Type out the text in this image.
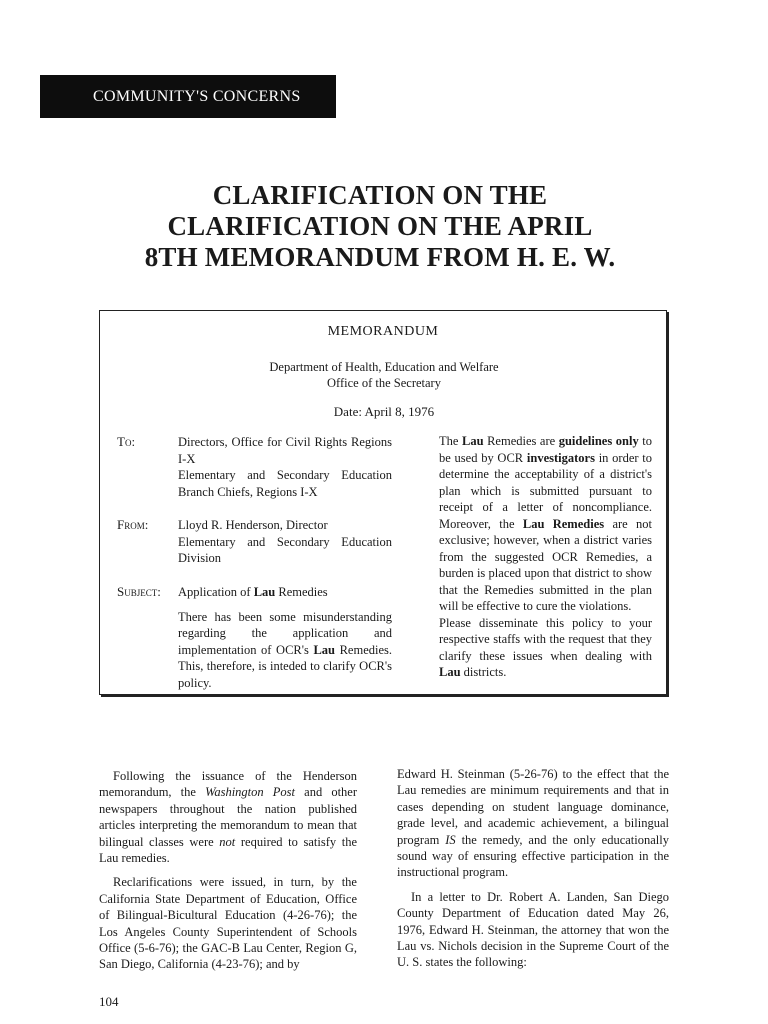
COMMUNITY'S CONCERNS
CLARIFICATION ON THE
CLARIFICATION ON THE APRIL
8TH MEMORANDUM FROM H. E. W.
MEMORANDUM
Department of Health, Education and Welfare
Office of the Secretary
Date: April 8, 1976
To:	Directors, Office for Civil Rights Regions I-X
Elementary and Secondary Education Branch Chiefs, Regions I-X
From: Lloyd R. Henderson, Director
Elementary and Secondary Education Division
Subject: Application of Lau Remedies
There has been some misunderstanding regarding the application and implementation of OCR's Lau Remedies. This, therefore, is inteded to clarify OCR's policy.

The Lau Remedies are guidelines only to be used by OCR investigators in order to determine the acceptability of a district's plan which is submitted pursuant to receipt of a letter of noncompliance. Moreover, the Lau Remedies are not exclusive; however, when a district varies from the suggested OCR Remedies, a burden is placed upon that district to show that the Remedies submitted in the plan will be effective to cure the violations.

Please disseminate this policy to your respective staffs with the request that they clarify these issues when dealing with Lau districts.

Following the issuance of the Henderson memorandum, the Washington Post and other newspapers throughout the nation published articles interpreting the memorandum to mean that bilingual classes were not required to satisfy the Lau remedies.

Reclarifications were issued, in turn, by the California State Department of Education, Office of Bilingual-Bicultural Education (4-26-76); the Los Angeles County Superintendent of Schools Office (5-6-76); the GAC-B Lau Center, Region G, San Diego, California (4-23-76); and by

Edward H. Steinman (5-26-76) to the effect that the Lau remedies are minimum requirements and that in cases depending on student language dominance, grade level, and academic achievement, a bilingual program IS the remedy, and the only educationally sound way of ensuring effective participation in the instructional program.

In a letter to Dr. Robert A. Landen, San Diego County Department of Education dated May 26, 1976, Edward H. Steinman, the attorney that won the Lau vs. Nichols decision in the Supreme Court of the U. S. states the following:

104
